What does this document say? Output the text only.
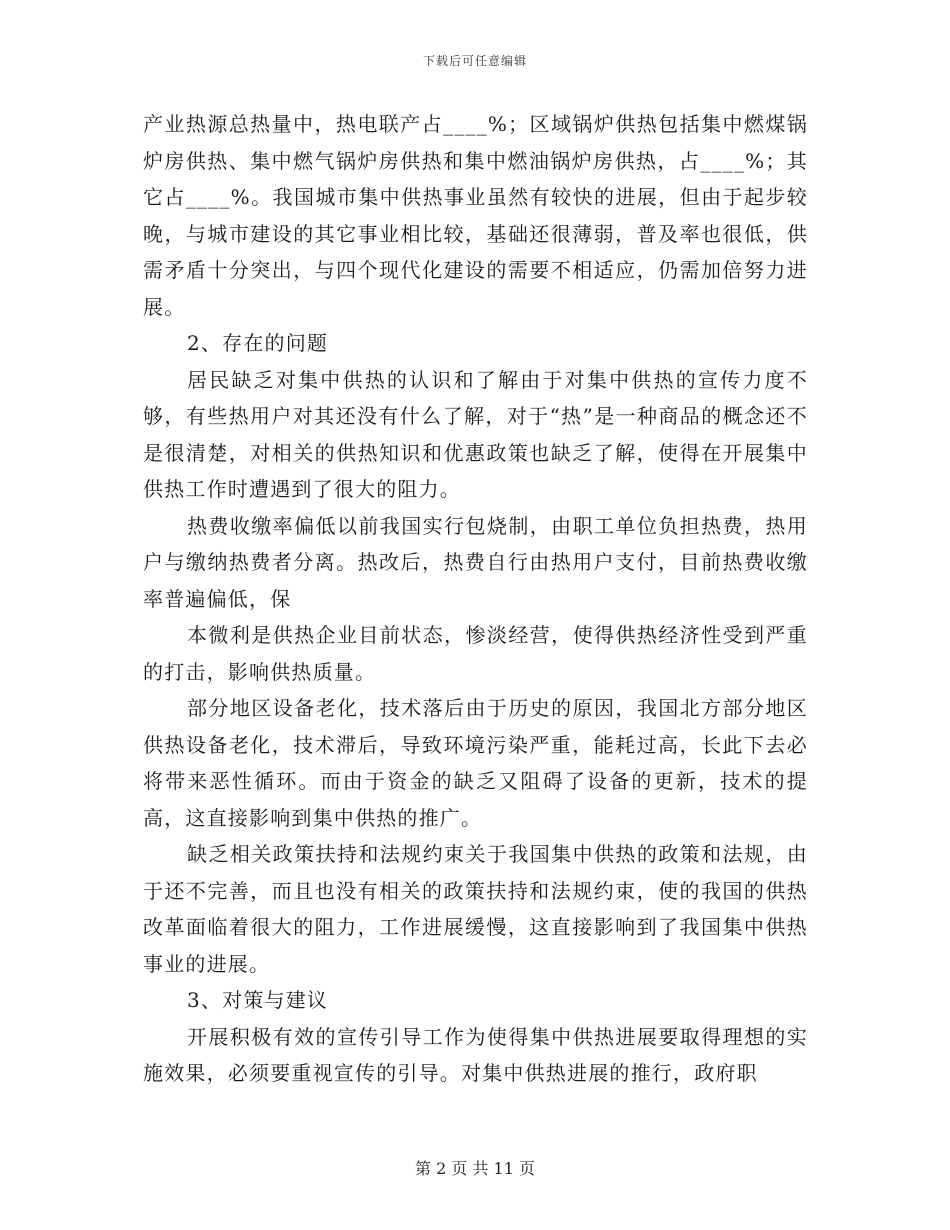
下载后可任意编辑

产业热源总热量中，热电联产占____%；区域锅炉供热包括集中燃煤锅炉房供热、集中燃气锅炉房供热和集中燃油锅炉房供热，占____%；其它占____%。我国城市集中供热事业虽然有较快的进展，但由于起步较晚，与城市建设的其它事业相比较，基础还很薄弱，普及率也很低，供需矛盾十分突出，与四个现代化建设的需要不相适应，仍需加倍努力进展。

2、存在的问题

居民缺乏对集中供热的认识和了解由于对集中供热的宣传力度不够，有些热用户对其还没有什么了解，对于“热”是一种商品的概念还不是很清楚，对相关的供热知识和优惠政策也缺乏了解，使得在开展集中供热工作时遭遇到了很大的阻力。

热费收缴率偏低以前我国实行包烧制，由职工单位负担热费，热用户与缴纳热费者分离。热改后，热费自行由热用户支付，目前热费收缴率普遍偏低，保

本微利是供热企业目前状态，惨淡经营，使得供热经济性受到严重的打击，影响供热质量。

部分地区设备老化，技术落后由于历史的原因，我国北方部分地区供热设备老化，技术滞后，导致环境污染严重，能耗过高，长此下去必将带来恶性循环。而由于资金的缺乏又阻碍了设备的更新，技术的提高，这直接影响到集中供热的推广。

缺乏相关政策扶持和法规约束关于我国集中供热的政策和法规，由于还不完善，而且也没有相关的政策扶持和法规约束，使的我国的供热改革面临着很大的阻力，工作进展缓慢，这直接影响到了我国集中供热事业的进展。

3、对策与建议

开展积极有效的宣传引导工作为使得集中供热进展要取得理想的实施效果，必须要重视宣传的引导。对集中供热进展的推行，政府职

第 2 页 共 11 页
